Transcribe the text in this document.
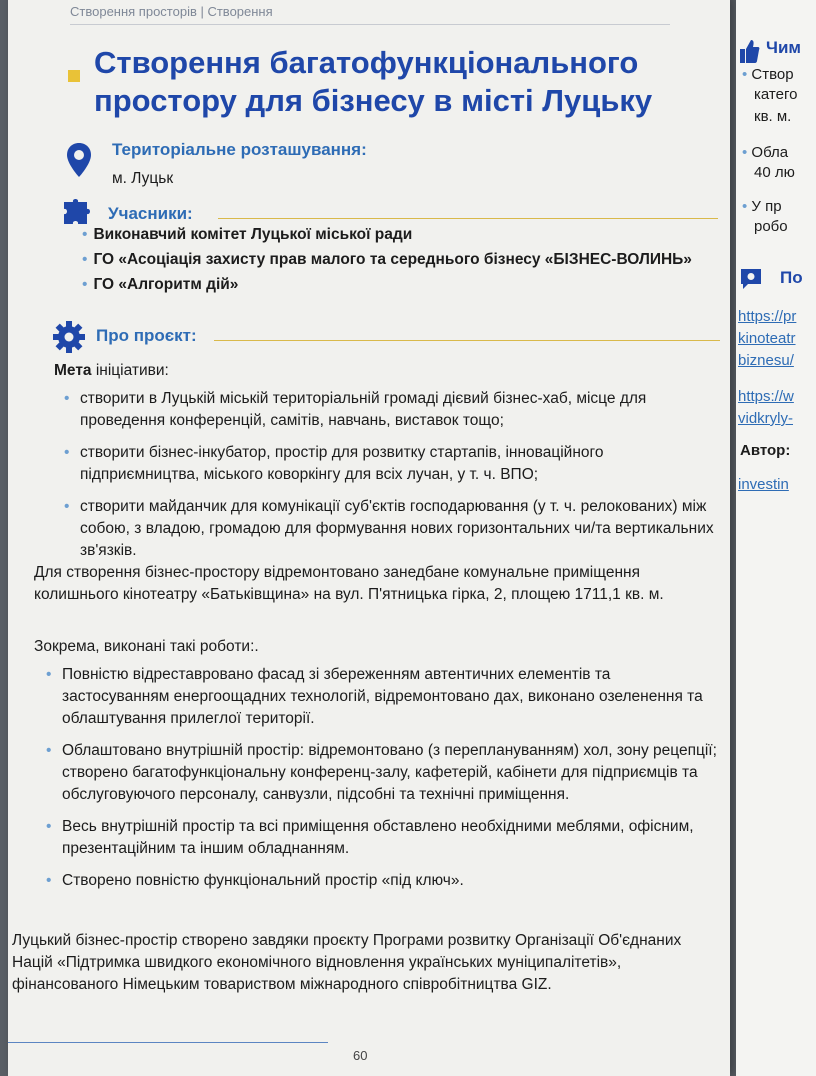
Створення просторів | Створення
Створення багатофункціонального простору для бізнесу в місті Луцьку
Територіальне розташування:
м. Луцьк
Учасники:
• Виконавчий комітет Луцької міської ради
• ГО «Асоціація захисту прав малого та середнього бізнесу «БІЗНЕС-ВОЛИНЬ»
• ГО «Алгоритм дій»
Про проєкт:
Мета ініціативи:
• створити в Луцькій міській територіальній громаді дієвий бізнес-хаб, місце для проведення конференцій, самітів, навчань, виставок тощо;
• створити бізнес-інкубатор, простір для розвитку стартапів, інноваційного підприємництва, міського коворкінгу для всіх лучан, у т. ч. ВПО;
• створити майданчик для комунікації суб'єктів господарювання (у т. ч. релокованих) між собою, з владою, громадою для формування нових горизонтальних чи/та вертикальних зв'язків.

Для створення бізнес-простору відремонтовано занедбане комунальне приміщення колишнього кінотеатру «Батьківщина» на вул. П'ятницька гірка, 2, площею 1711,1 кв. м.

Зокрема, виконані такі роботи:.

• Повністю відреставровано фасад зі збереженням автентичних елементів та застосуванням енергоощадних технологій, відремонтовано дах, виконано озеленення та облаштування прилеглої території.
• Облаштовано внутрішній простір: відремонтовано (з переплануванням) хол, зону рецепції; створено багатофункціональну конференц-залу, кафетерій, кабінети для підприємців та обслуговуючого персоналу, санвузли, підсобні та технічні приміщення.
• Весь внутрішній простір та всі приміщення обставлено необхідними меблями, офісним, презентаційним та іншим обладнанням.
• Створено повністю функціональний простір «під ключ».

Луцький бізнес-простір створено завдяки проєкту Програми розвитку Організації Об'єднаних Націй «Підтримка швидкого економічного відновлення українських муніципалітетів», фінансованого Німецьким товариством міжнародного співробітництва GIZ.

60
Чим
• Створ
катего
кв. м.
• Обла
40 лю
• У пр
робо
По
https://pr
kinoteatr
biznesu/
https://w
vidkryly-
Автор:
investin
